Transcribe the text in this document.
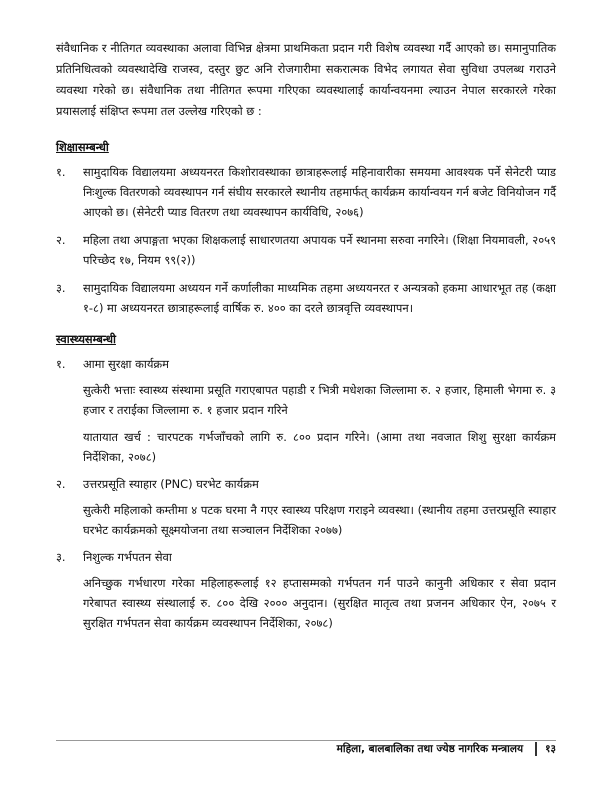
संवैधानिक र नीतिगत व्यवस्थाका अलावा विभिन्न क्षेत्रमा प्राथमिकता प्रदान गरी विशेष व्यवस्था गर्दै आएको छ। समानुपातिक प्रतिनिधित्वको व्यवस्थादेखि राजस्व, दस्तुर छुट अनि रोजगारीमा सकरात्मक विभेद लगायत सेवा सुविधा उपलब्ध गराउने व्यवस्था गरेको छ। संवैधानिक तथा नीतिगत रूपमा गरिएका व्यवस्थालाई कार्यान्वयनमा ल्याउन नेपाल सरकारले गरेका प्रयासलाई संक्षिप्त रूपमा तल उल्लेख गरिएको छ :

शिक्षासम्बन्धी
१.	सामुदायिक विद्यालयमा अध्ययनरत किशोरावस्थाका छात्राहरूलाई महिनावारीका समयमा आवश्यक पर्ने सेनेटरी प्याड निःशुल्क वितरणको व्यवस्थापन गर्न संघीय सरकारले स्थानीय तहमार्फत् कार्यक्रम कार्यान्वयन गर्न बजेट विनियोजन गर्दै आएको छ। (सेनेटरी प्याड वितरण तथा व्यवस्थापन कार्यविधि, २०७६)

२.	महिला तथा अपाङ्गता भएका शिक्षकलाई साधारणतया अपायक पर्ने स्थानमा सरुवा नगरिने। (शिक्षा नियमावली, २०५९ परिच्छेद १७, नियम ९९(२))

३.	सामुदायिक विद्यालयमा अध्ययन गर्ने कर्णालीका माध्यमिक तहमा अध्ययनरत र अन्यत्रको हकमा आधारभूत तह (कक्षा १-८) मा अध्ययनरत छात्राहरूलाई वार्षिक रु. ४०० का दरले छात्रवृत्ति व्यवस्थापन।

स्वास्थ्यसम्बन्धी
१.	आमा सुरक्षा कार्यक्रम

सुत्केरी भत्ताः स्वास्थ्य संस्थामा प्रसूति गराएबापत पहाडी र भित्री मधेशका जिल्लामा रु. २ हजार, हिमाली भेगमा रु. ३ हजार र तराईका जिल्लामा रु. १ हजार प्रदान गरिने

यातायात खर्च : चारपटक गर्भजाँचको लागि रु. ८०० प्रदान गरिने। (आमा तथा नवजात शिशु सुरक्षा कार्यक्रम निर्देशिका, २०७८)

२.	उत्तरप्रसूति स्याहार (PNC) घरभेट कार्यक्रम

सुत्केरी महिलाको कम्तीमा ४ पटक घरमा नै गएर स्वास्थ्य परिक्षण गराइने व्यवस्था। (स्थानीय तहमा उत्तरप्रसूति स्याहार घरभेट कार्यक्रमको सूक्ष्मयोजना तथा सञ्चालन निर्देशिका २०७७)

३.	निशुल्क गर्भपतन सेवा

अनिच्छुक गर्भधारण गरेका महिलाहरूलाई १२ हप्तासम्मको गर्भपतन गर्न पाउने कानुनी अधिकार र सेवा प्रदान गरेबापत स्वास्थ्य संस्थालाई रु. ८०० देखि २००० अनुदान। (सुरक्षित मातृत्व तथा प्रजनन अधिकार ऐन, २०७५ र सुरक्षित गर्भपतन सेवा कार्यक्रम व्यवस्थापन निर्देशिका, २०७८)

महिला, बालबालिका तथा ज्येष्ठ नागरिक मन्त्रालय	१३
